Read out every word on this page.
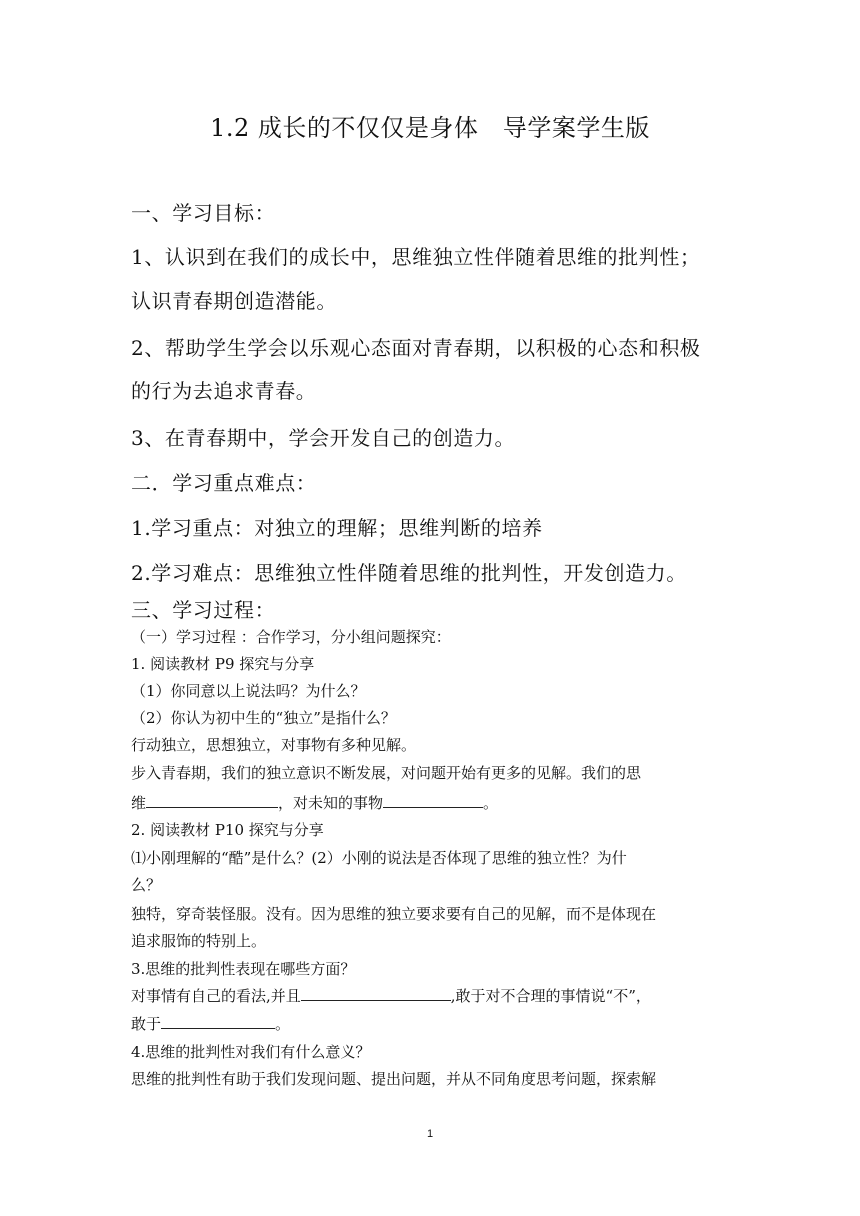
1.2 成长的不仅仅是身体　导学案学生版
一、学习目标：
1、认识到在我们的成长中，思维独立性伴随着思维的批判性；
认识青春期创造潜能。
2、帮助学生学会以乐观心态面对青春期，以积极的心态和积极
的行为去追求青春。
3、在青春期中，学会开发自己的创造力。
二．学习重点难点：
1.学习重点：对独立的理解；思维判断的培养
2.学习难点：思维独立性伴随着思维的批判性，开发创造力。
三、学习过程：
（一）学习过程 ：合作学习，分小组问题探究：
1. 阅读教材 P9 探究与分享
（1）你同意以上说法吗？为什么？
（2）你认为初中生的“独立”是指什么？
行动独立，思想独立，对事物有多种见解。
步入青春期，我们的独立意识不断发展，对问题开始有更多的见解。我们的思
维	，对未知的事物	。
2. 阅读教材 P10 探究与分享
⑴小刚理解的“酷”是什么？(2）小刚的说法是否体现了思维的独立性？为什
么？
独特，穿奇装怪服。没有。因为思维的独立要求要有自己的见解，而不是体现在
追求服饰的特别上。
3.思维的批判性表现在哪些方面？
对事情有自己的看法,并且	,敢于对不合理的事情说“不”，
敢于	。
4.思维的批判性对我们有什么意义？
思维的批判性有助于我们发现问题、提出问题，并从不同角度思考问题，探索解
1
